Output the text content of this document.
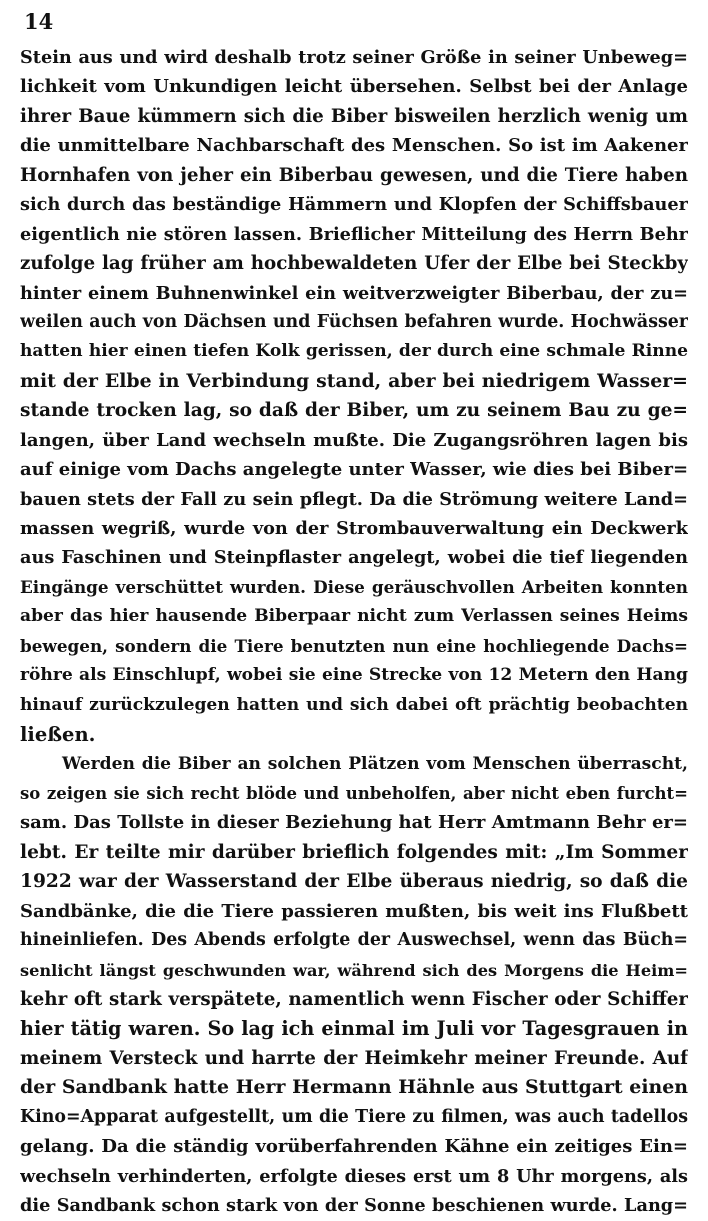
14
Stein aus und wird deshalb trotz seiner Größe in seiner Unbeweg=
lichkeit vom Unkundigen leicht übersehen. Selbst bei der Anlage
ihrer Baue kümmern sich die Biber bisweilen herzlich wenig um
die unmittelbare Nachbarschaft des Menschen. So ist im Aakener
Hornhafen von jeher ein Biberbau gewesen, und die Tiere haben
sich durch das beständige Hämmern und Klopfen der Schiffsbauer
eigentlich nie stören lassen. Brieflicher Mitteilung des Herrn Behr
zufolge lag früher am hochbewaldeten Ufer der Elbe bei Steckby
hinter einem Buhnenwinkel ein weitverzweigter Biberbau, der zu=
weilen auch von Dächsen und Füchsen befahren wurde. Hochwässer
hatten hier einen tiefen Kolk gerissen, der durch eine schmale Rinne
mit der Elbe in Verbindung stand, aber bei niedrigem Wasser=
stande trocken lag, so daß der Biber, um zu seinem Bau zu ge=
langen, über Land wechseln mußte. Die Zugangsröhren lagen bis
auf einige vom Dachs angelegte unter Wasser, wie dies bei Biber=
bauen stets der Fall zu sein pflegt. Da die Strömung weitere Land=
massen wegriß, wurde von der Strombauverwaltung ein Deckwerk
aus Faschinen und Steinpflaster angelegt, wobei die tief liegenden
Eingänge verschüttet wurden. Diese geräuschvollen Arbeiten konnten
aber das hier hausende Biberpaar nicht zum Verlassen seines Heims
bewegen, sondern die Tiere benutzten nun eine hochliegende Dachs=
röhre als Einschlupf, wobei sie eine Strecke von 12 Metern den Hang
hinauf zurückzulegen hatten und sich dabei oft prächtig beobachten
ließen.
Werden die Biber an solchen Plätzen vom Menschen überrascht,
so zeigen sie sich recht blöde und unbeholfen, aber nicht eben furcht=
sam. Das Tollste in dieser Beziehung hat Herr Amtmann Behr er=
lebt. Er teilte mir darüber brieflich folgendes mit: „Im Sommer
1922 war der Wasserstand der Elbe überaus niedrig, so daß die
Sandbänke, die die Tiere passieren mußten, bis weit ins Flußbett
hineinliefen. Des Abends erfolgte der Auswechsel, wenn das Büch=
senlicht längst geschwunden war, während sich des Morgens die Heim=
kehr oft stark verspätete, namentlich wenn Fischer oder Schiffer
hier tätig waren. So lag ich einmal im Juli vor Tagesgrauen in
meinem Versteck und harrte der Heimkehr meiner Freunde. Auf
der Sandbank hatte Herr Hermann Hähnle aus Stuttgart einen
Kino=Apparat aufgestellt, um die Tiere zu filmen, was auch tadellos
gelang. Da die ständig vorüberfahrenden Kähne ein zeitiges Ein=
wechseln verhinderten, erfolgte dieses erst um 8 Uhr morgens, als
die Sandbank schon stark von der Sonne beschienen wurde. Lang=
